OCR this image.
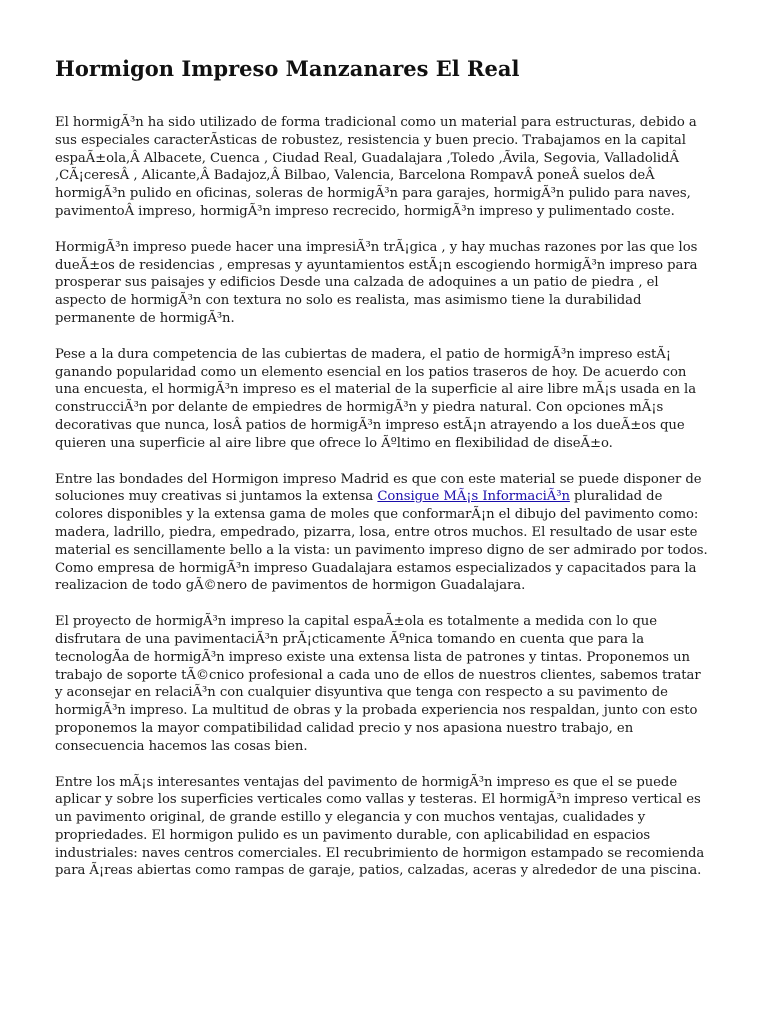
Hormigon Impreso Manzanares El Real

El hormigÃ³n ha sido utilizado de forma tradicional como un material para estructuras, debido a sus especiales caracterÃsticas de robustez, resistencia y buen precio. Trabajamos en la capital espaÃ±ola,Â Albacete, Cuenca , Ciudad Real, Guadalajara ,Toledo ,Ãvila, Segovia, ValladolidÂ ,CÃ¡ceresÂ , Alicante,Â Badajoz,Â Bilbao, Valencia, Barcelona RompavÂ poneÂ suelos deÂ hormigÃ³n pulido en oficinas, soleras de hormigÃ³n para garajes, hormigÃ³n pulido para naves, pavimentoÂ impreso, hormigÃ³n impreso recrecido, hormigÃ³n impreso y pulimentado coste.

HormigÃ³n impreso puede hacer una impresiÃ³n trÃ¡gica , y hay muchas razones por las que los dueÃ±os de residencias , empresas y ayuntamientos estÃ¡n escogiendo hormigÃ³n impreso para prosperar sus paisajes y edificios Desde una calzada de adoquines a un patio de piedra , el aspecto de hormigÃ³n con textura no solo es realista, mas asimismo tiene la durabilidad permanente de hormigÃ³n.

Pese a la dura competencia de las cubiertas de madera, el patio de hormigÃ³n impreso estÃ¡ ganando popularidad como un elemento esencial en los patios traseros de hoy. De acuerdo con una encuesta, el hormigÃ³n impreso es el material de la superficie al aire libre mÃ¡s usada en la construcciÃ³n por delante de empiedres de hormigÃ³n y piedra natural. Con opciones mÃ¡s decorativas que nunca, losÂ patios de hormigÃ³n impreso estÃ¡n atrayendo a los dueÃ±os que quieren una superficie al aire libre que ofrece lo Ãºltimo en flexibilidad de diseÃ±o.

Entre las bondades del Hormigon impreso Madrid es que con este material se puede disponer de soluciones muy creativas si juntamos la extensa Consigue MÃ¡s InformaciÃ³n pluralidad de colores disponibles y la extensa gama de moles que conformarÃ¡n el dibujo del pavimento como: madera, ladrillo, piedra, empedrado, pizarra, losa, entre otros muchos. El resultado de usar este material es sencillamente bello a la vista: un pavimento impreso digno de ser admirado por todos. Como empresa de hormigÃ³n impreso Guadalajara estamos especializados y capacitados para la realizacion de todo gÃ©nero de pavimentos de hormigon Guadalajara.

El proyecto de hormigÃ³n impreso la capital espaÃ±ola es totalmente a medida con lo que disfrutara de una pavimentaciÃ³n prÃ¡cticamente Ãºnica tomando en cuenta que para la tecnologÃa de hormigÃ³n impreso existe una extensa lista de patrones y tintas. Proponemos un trabajo de soporte tÃ©cnico profesional a cada uno de ellos de nuestros clientes, sabemos tratar y aconsejar en relaciÃ³n con cualquier disyuntiva que tenga con respecto a su pavimento de hormigÃ³n impreso. La multitud de obras y la probada experiencia nos respaldan, junto con esto proponemos la mayor compatibilidad calidad precio y nos apasiona nuestro trabajo, en consecuencia hacemos las cosas bien.

Entre los mÃ¡s interesantes ventajas del pavimento de hormigÃ³n impreso es que el se puede aplicar y sobre los superficies verticales como vallas y testeras. El hormigÃ³n impreso vertical es un pavimento original, de grande estillo y elegancia y con muchos ventajas, cualidades y propriedades. El hormigon pulido es un pavimento durable, con aplicabilidad en espacios industriales: naves centros comerciales. El recubrimiento de hormigon estampado se recomienda para Ã¡reas abiertas como rampas de garaje, patios, calzadas, aceras y alrededor de una piscina.
